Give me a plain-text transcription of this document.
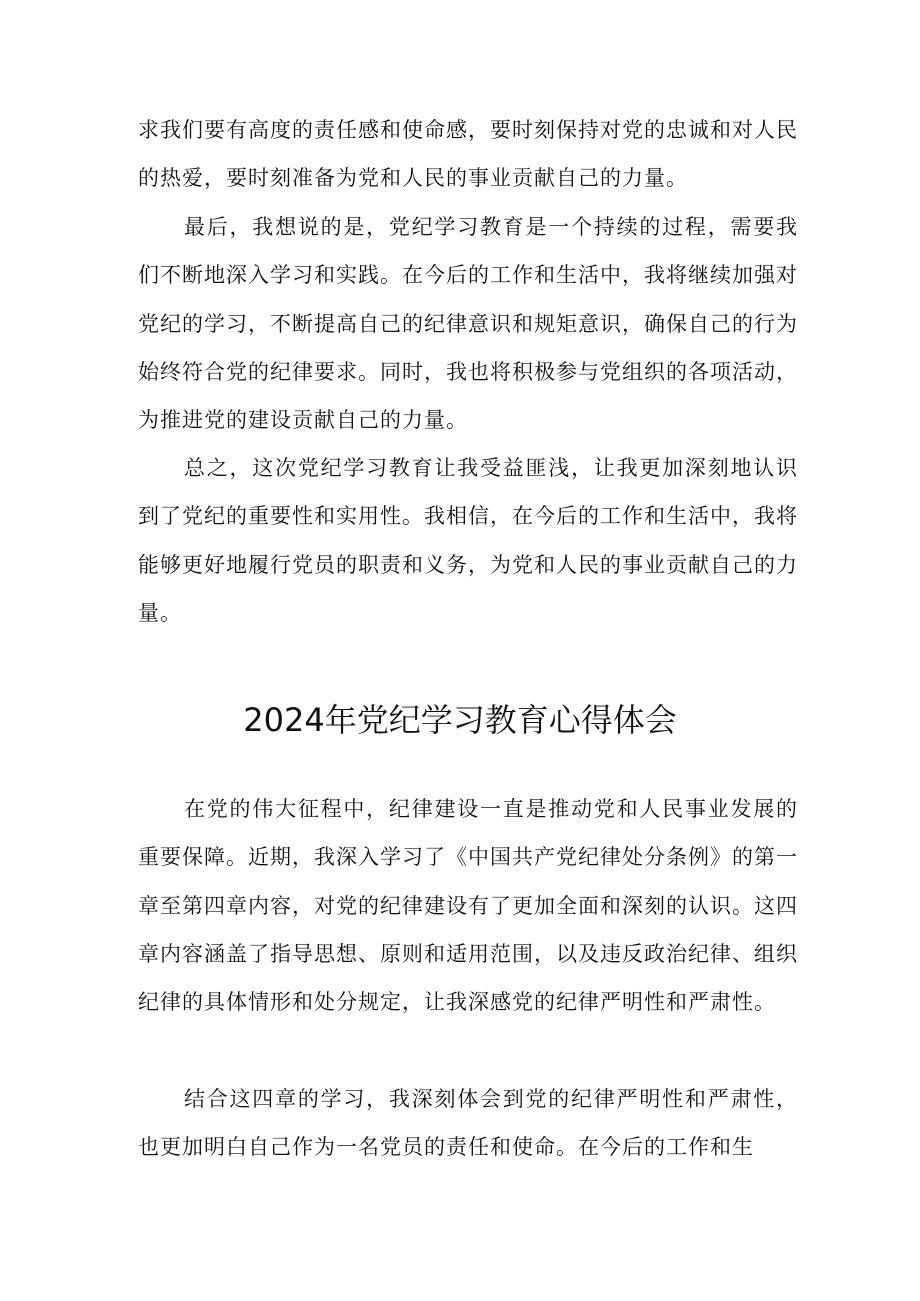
求我们要有高度的责任感和使命感，要时刻保持对党的忠诚和对人民的热爱，要时刻准备为党和人民的事业贡献自己的力量。

最后，我想说的是，党纪学习教育是一个持续的过程，需要我们不断地深入学习和实践。在今后的工作和生活中，我将继续加强对党纪的学习，不断提高自己的纪律意识和规矩意识，确保自己的行为始终符合党的纪律要求。同时，我也将积极参与党组织的各项活动，为推进党的建设贡献自己的力量。

总之，这次党纪学习教育让我受益匪浅，让我更加深刻地认识到了党纪的重要性和实用性。我相信，在今后的工作和生活中，我将能够更好地履行党员的职责和义务，为党和人民的事业贡献自己的力量。

2024年党纪学习教育心得体会

在党的伟大征程中，纪律建设一直是推动党和人民事业发展的重要保障。近期，我深入学习了《中国共产党纪律处分条例》的第一章至第四章内容，对党的纪律建设有了更加全面和深刻的认识。这四章内容涵盖了指导思想、原则和适用范围，以及违反政治纪律、组织纪律的具体情形和处分规定，让我深感党的纪律严明性和严肃性。

结合这四章的学习，我深刻体会到党的纪律严明性和严肃性，也更加明白自己作为一名党员的责任和使命。在今后的工作和生
